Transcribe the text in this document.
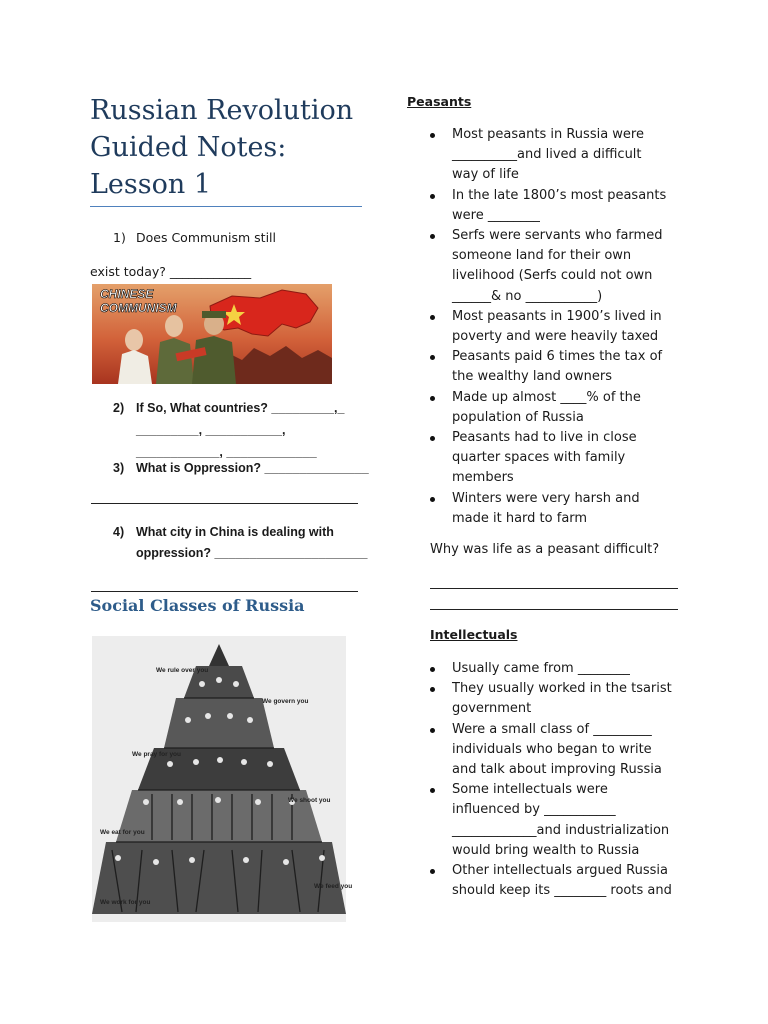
Russian Revolution
Guided Notes:
Lesson 1
1) Does Communism still
exist today? _____________
CHINESE
COMMUNISM
2) If So, What countries? _________,_
_________, ___________,
____________, _____________
3) What is Oppression? _______________
4) What city in China is dealing with
oppression? ______________________
Social Classes of Russia
We rule over you
We govern you
We pray for you
We shoot you
We eat for you
We feed you
We work for you
Peasants
Most peasants in Russia were
__________and lived a difficult
way of life
In the late 1800’s most peasants
were ________
Serfs were servants who farmed
someone land for their own
livelihood (Serfs could not own
______& no ___________)
Most peasants in 1900’s lived in
poverty and were heavily taxed
Peasants paid 6 times the tax of
the wealthy land owners
Made up almost ____% of the
population of Russia
Peasants had to live in close
quarter spaces with family
members
Winters were very harsh and
made it hard to farm
Why was life as a peasant difficult?
Intellectuals
Usually came from ________
They usually worked in the tsarist
government
Were a small class of _________
individuals who began to write
and talk about improving Russia
Some intellectuals were
influenced by ___________
_____________and industrialization
would bring wealth to Russia
Other intellectuals argued Russia
should keep its ________ roots and
